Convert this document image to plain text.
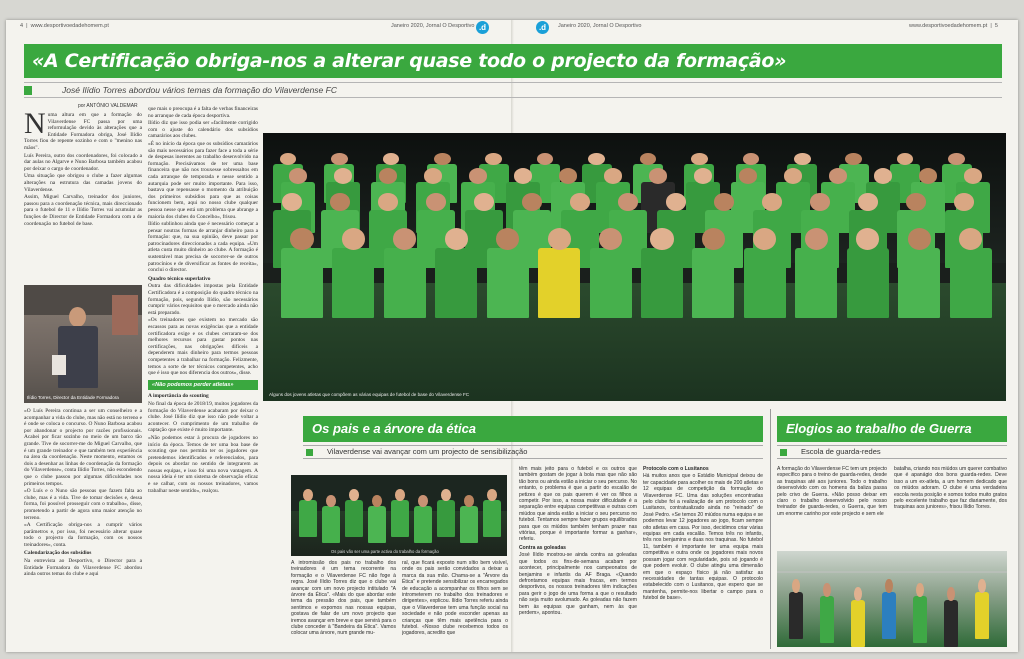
4  |  www.desportivoedadehomem.pt	Janeiro 2020, Jornal O Desportivo .d	.d	Janeiro 2020, Jornal O Desportivo	www.desportivoedadehomem.pt  |  5
«A Certificação obriga-nos a alterar quase todo o projecto da formação»
José Ilídio Torres abordou vários temas da formação do Vilaverdense FC
por ANTÓNIO VALDEMAR
N uma altura em que a formação do Vilaverdense FC passa por uma reformulação devido às alterações que a Entidade Formadora obriga, José Ilídio Torres fiou de repente sozinho e com o "menino nas mãos".

Luís Pereira, outro dos coordenadores, foi colocado a dar aulas no Algarve e Nuno Barbosa também acabou por deixar o cargo de coordenador.

Uma situação que obrigou o clube a fazer algumas alterações na estrutura das camadas jovens do Vilaverdense.

Assim, Miguel Carvalho, treinador dos juniores, passou para a coordenação técnica, mais direccionado para o futebol de 11 e Ilídio Torres vai acumular as funções de Director de Entidade Formadora com a de coordenação no futebol de base.

Ilídio Torres, Director da Entidade Formadora

«O Luís Pereira continua a ser um conselheiro e a acompanhar a vida do clube, mas não está no terreno e é onde se coloca o concurso. O Nuno Barbosa acabou por abandonar o projecto por razões profissionais. Acabei por ficar sozinho no meio de um barco tão grande. Tive de socorrer-me do Miguel Carvalho, que é um grande treinador e que também tem experiência na área da coordenação. Neste momento, estamos os dois a desenhar as linhas de coordenação da formação do Vilaverdense», conta Ilídio Torres, não escondendo que o clube passou por algumas dificuldades nos primeiros tempos.

«O Luís e o Nuno são pessoas que fazem falta ao clube, mas é a vida. Tive de tomar decisões e, dessa forma, foi possível prosseguir com o trabalho», disse, prometendo a partir de agora uma maior atenção no terreno.

«A Certificação obriga-nos a cumprir vários parâmetros e, por isso, foi necessário alterar quase todo o projecto da formação, com os nossos treinadores», conta.

Calendarização dos subsídios

Na entrevista ao Desportivo, o Director para a Entidade Formadora do Vilaverdense FC abordou ainda outros temas do clube e aqui

que mais o preocupa é a falta de verbas financeiras no arranque de cada época desportiva.

Ilídio diz que isso podia ser «facilmente corrigido com o ajuste do calendário dos subsídios camarários aos clubes.

«É no início da época que os subsídios camarários são mais necessários para fazer face a toda a série de despesas inerentes ao trabalho desenvolvido na formação. Precisávamos de ter uma base financeira que não nos trouxesse sobressaltos em cada arranque de temporada e nesse sentido a autarquia pode ser muito importante. Para isso, bastava que repensasse o momento da atribuição dos primeiros subsídios para que as coisas funcionem bem, aqui no nosso clube qualquer pessoa nesse que está um problema que abrange a maioria dos clubes do Concelho», frisou.

Ilídio sublinhou ainda que é necessário começar a pensar noutras formas de arranjar dinheiro para a formação: que, na sua opinião, deve passar por patrocinadores direccionados a cada equipa. «Um atleta custa muito dinheiro ao clube. A formação é sustentável mas precisa de socorrer-se de outros patrocínios e de diversificar as fontes de receita», conclui o director.

Quadro técnico superlativo

Outra das dificuldades impostas pela Entidade Certificadora é a composição do quadro técnico na formação, pois, segundo Ilídio, são necessários cumprir vários requisitos que o mercado ainda não está preparado.

«Os treinadores que existem no mercado são escassos para as novas exigências que a entidade certificadora exige e os clubes cerraram-se dos melhores recursos para gastar pontos nas certificações, nas obrigações difíceis a dependerem mais dinheiro para termos pessoas competentes a trabalhar na formação. Felizmente, temos a sorte de ter técnicos competentes, acho que é isso que nos diferencia dos outros», disse.

«Não podemos perder atletas»

A importância do scouting

No final da época de 2018/19, muitos jogadores da formação do Vilaverdense acabaram por deixar o clube. José Ilídio diz que isso não pode voltar a acontecer. O cumprimento de um trabalho de captação que existe é muito importante.

«Não podemos estar à procura de jogadores no início da época. Temos de ter uma boa base de scouting que nos permita ter os jogadores que pretendemos identificados e referenciados, para depois os abordar no sentido de integrarem as nossas equipas, e isso foi uma nova vantagem. A nossa ideia é ter um sistema de observação eficaz e se calhar, com os nossos treinadores, vamos trabalhar neste sentido», realçou.

Alguns dos jovens atletas que compõem as várias equipas de futebol de base do Vilaverdense FC
Os pais e a árvore da ética
Vilaverdense vai avançar com um projecto de sensibilização
Os pais vão ser uma parte activa do trabalho da formação

A intromissão dos pais no trabalho dos treinadores é um tema recorrente na formação e o Vilaverdense FC não foge à regra. José Ilídio Torres diz que o clube vai avançar com um novo projecto intitulado "A árvore da Ética". «Mais do que abordar este tema da pressão dos pais, que também sentimos e expomos nas nossas equipas, gostava de falar de um novo projecto que iremos avançar em breve e que servirá para o clube conceder à "Bandeira da Ética". Vamos colocar uma árvore, num grande mu-

ral, que ficará exposto num sítio bem visível, onde os pais serão convidados a deixar a marca da sua mão. Chama-se a "Árvore da Ética" e pretende sensibilizar os encarregados de educação a acompanhar os filhos sem se intrometerem no trabalho dos treinadores e dirigentes», explicou. Ilídio Torres referiu ainda que o Vilaverdense tem uma função social na sociedade e não pode esconder apenas as crianças que têm mais apetência para o futebol. «Nosso clube recebemos todos os jogadores, acredito que

têm mais jeito para o futebol e os outros que também gostam de jogar à bola mas que não são tão bons ou ainda estão a iniciar o seu percurso. No entanto, o problema é que a partir do escalão de petizes é que os pais querem é ver os filhos a competir. Por isso, a nossa maior dificuldade é a separação entre equipas competitivas e outras com miúdos que ainda estão a iniciar o seu percurso no futebol. Tentamos sempre fazer grupos equilibrados para que os miúdos também tenham prazer nas vitórias, porque é importante formar a ganhar», referiu.

Contra as goleadas

José Ilídio mostrou-se ainda contra as goleadas que todos os fins-de-semana acabam por acontecer, principalmente nos campeonatos de benjamins e infantis da AF Braga. «Quando defrontamos equipas mais fracas, em termos desportivos, os nossos treinadores têm indicações para gerir o jogo de uma forma a que o resultado não seja muito avolumado. As goleadas não fazem bem às equipas que ganham, nem às que perdem», apontou.

Protocolo com o Lusitanos

Há muitos anos que o Estádio Municipal deixou de ter capacidade para acolher os mais de 200 atletas e 12 equipas de competição da formação do Vilaverdense FC. Uma das soluções encontradas pelo clube foi a realização de um protocolo com o Lusitanos, contratualizado ainda no "reinado" de José Pedro. «Se temos 20 miúdos numa equipa e se podemos levar 12 jogadores ao jogo, ficam sempre oito atletas em casa. Por isso, decidimos criar várias equipas em cada escalão. Temos três no infantis, três nos benjamins e duas nos traquinas. No futebol 11, também é importante ter uma equipa mais competitiva e outra onde os jogadores mais novos possam jogar com regularidade, pois só jogando é que podem evoluir. O clube atingiu uma dimensão em que o espaço físico já não satisfaz as necessidades de tantas equipas. O protocolo estabelecido com o Lusitanos, que espero que se mantenha, permite-nos libertar o campo para o futebol de base».

Elogios ao trabalho de Guerra
Escola de guarda-redes

A formação do Vilaverdense FC tem um projecto específico para o treino de guarda-redes, desde as traquinas até aos juniores. Todo o trabalho desenvolvido com os homens da baliza passa pelo crivo de Guerra. «Não posso deixar em claro o trabalho desenvolvido pelo nosso treinador de guarda-redes, o Guerra, que tem um enorme carinho por este projecto e sem ele

batalha, criando nos miúdos um querer combativo que é apanágio dos bons guarda-redes. Deve isso a um ex-atleta, a um homem dedicado que os miúdos adoram. O clube é uma verdadeira escola nesta posição e somos todos muito gratos pelo excelente trabalho que faz diariamente, dos traquinas aos juniores», frisou Ilídio Torres.
